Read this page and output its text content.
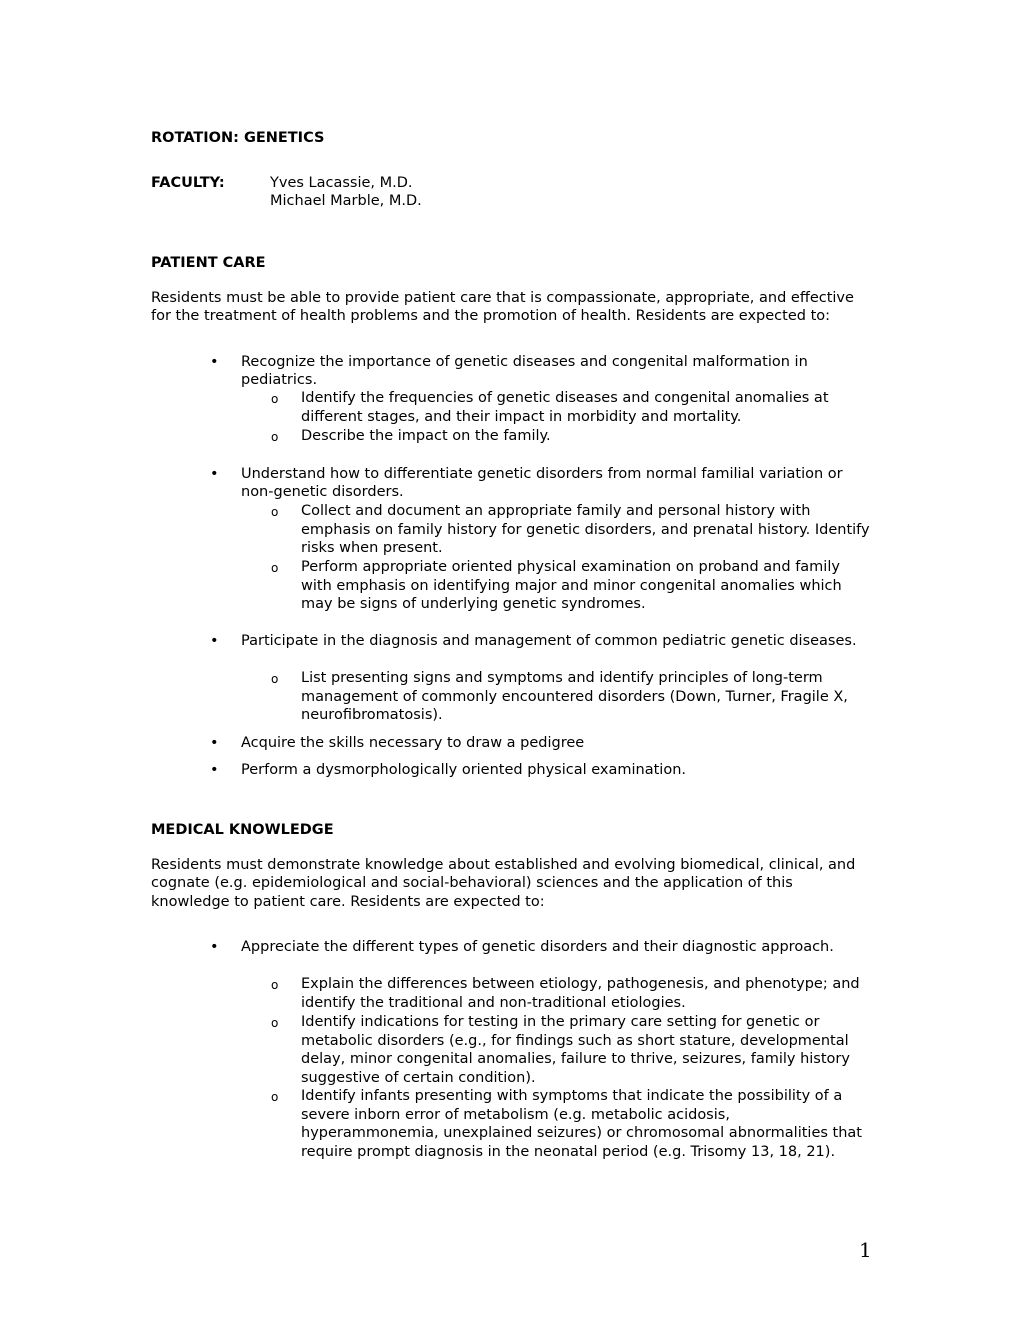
ROTATION: GENETICS
FACULTY:	Yves Lacassie, M.D.
Michael Marble, M.D.
PATIENT CARE

Residents must be able to provide patient care that is compassionate, appropriate, and effective for the treatment of health problems and the promotion of health. Residents are expected to:

• Recognize the importance of genetic diseases and congenital malformation in pediatrics.
o Identify the frequencies of genetic diseases and congenital anomalies at different stages, and their impact in morbidity and mortality.
o Describe the impact on the family.
• Understand how to differentiate genetic disorders from normal familial variation or non-genetic disorders.
o Collect and document an appropriate family and personal history with emphasis on family history for genetic disorders, and prenatal history. Identify risks when present.
o Perform appropriate oriented physical examination on proband and family with emphasis on identifying major and minor congenital anomalies which may be signs of underlying genetic syndromes.
• Participate in the diagnosis and management of common pediatric genetic diseases.
o List presenting signs and symptoms and identify principles of long-term management of commonly encountered disorders (Down, Turner, Fragile X, neurofibromatosis).
• Acquire the skills necessary to draw a pedigree
• Perform a dysmorphologically oriented physical examination.
MEDICAL KNOWLEDGE

Residents must demonstrate knowledge about established and evolving biomedical, clinical, and cognate (e.g. epidemiological and social-behavioral) sciences and the application of this knowledge to patient care. Residents are expected to:

• Appreciate the different types of genetic disorders and their diagnostic approach.
o Explain the differences between etiology, pathogenesis, and phenotype; and identify the traditional and non-traditional etiologies.
o Identify indications for testing in the primary care setting for genetic or metabolic disorders (e.g., for findings such as short stature, developmental delay, minor congenital anomalies, failure to thrive, seizures, family history suggestive of certain condition).
o Identify infants presenting with symptoms that indicate the possibility of a severe inborn error of metabolism (e.g. metabolic acidosis, hyperammonemia, unexplained seizures) or chromosomal abnormalities that require prompt diagnosis in the neonatal period (e.g. Trisomy 13, 18, 21).
1
